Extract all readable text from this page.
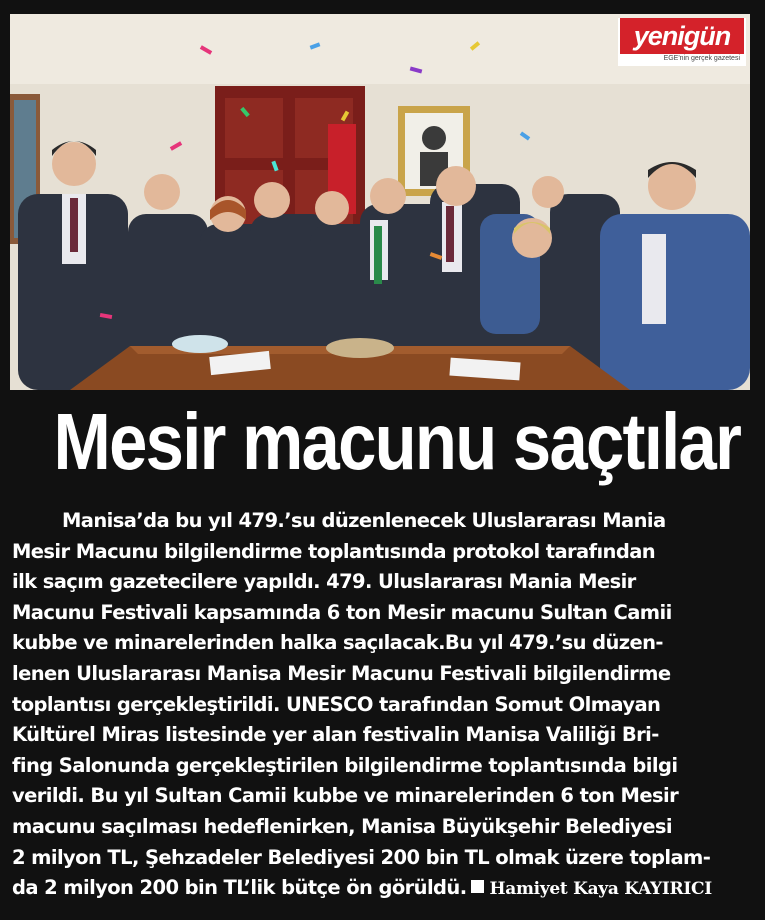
yenigün
EGE'nin gerçek gazetesi
Mesir macunu saçtılar
Manisa’da bu yıl 479.’su düzenlenecek Uluslararası Mania
Mesir Macunu bilgilendirme toplantısında protokol tarafından
ilk saçım gazetecilere yapıldı. 479. Uluslararası Mania Mesir
Macunu Festivali kapsamında 6 ton Mesir macunu Sultan Camii
kubbe ve minarelerinden halka saçılacak.Bu yıl 479.’su düzen-
lenen Uluslararası Manisa Mesir Macunu Festivali bilgilendirme
toplantısı gerçekleştirildi. UNESCO tarafından Somut Olmayan
Kültürel Miras listesinde yer alan festivalin Manisa Valiliği Bri-
fing Salonunda gerçekleştirilen bilgilendirme toplantısında bilgi
verildi. Bu yıl Sultan Camii kubbe ve minarelerinden 6 ton Mesir
macunu saçılması hedeflenirken, Manisa Büyükşehir Belediyesi
2 milyon TL, Şehzadeler Belediyesi 200 bin TL olmak üzere toplam-
da 2 milyon 200 bin TL’lik bütçe ön görüldü. Hamiyet Kaya KAYIRICI
